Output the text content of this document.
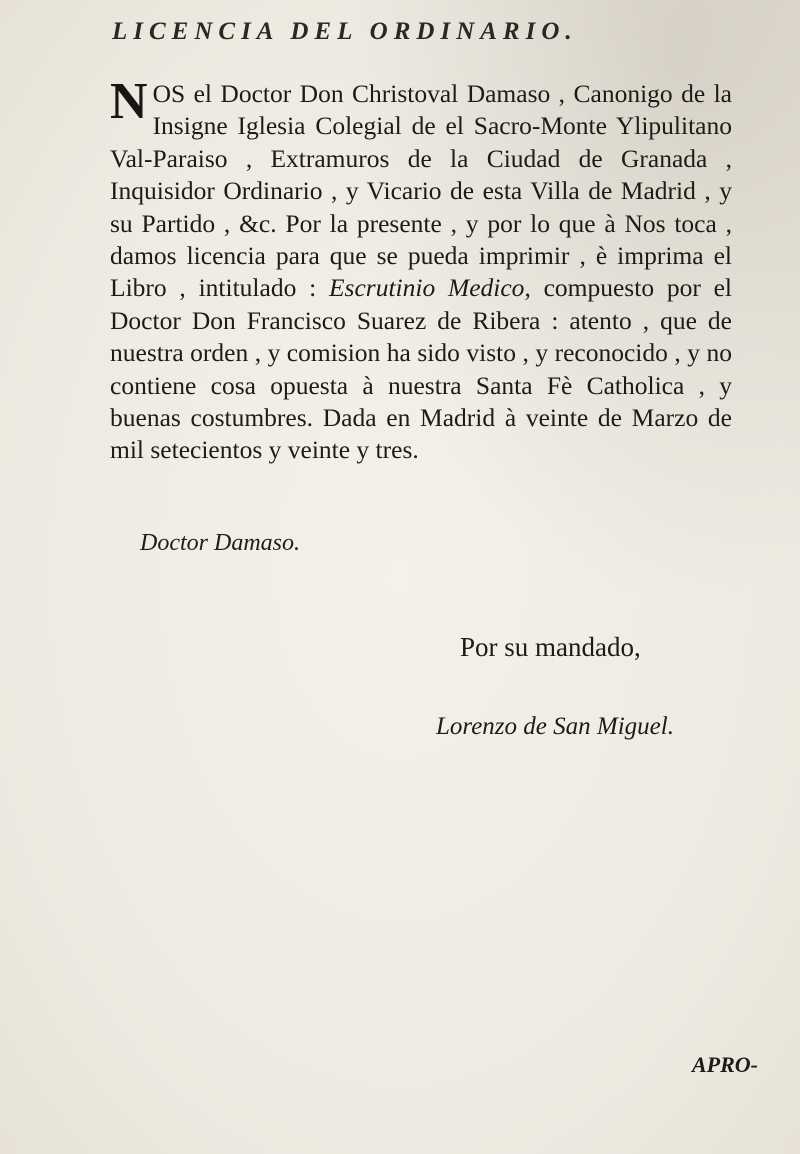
LICENCIA DEL ORDINARIO.
NOS el Doctor Don Christoval Damaso , Canonigo de la Insigne Iglesia Colegial de el Sacro-Monte Ylipulitano Val-Paraiso , Extramuros de la Ciudad de Granada , Inquisidor Ordinario , y Vicario de esta Villa de Madrid , y su Partido , &c. Por la presente , y por lo que à Nos toca , damos licencia para que se pueda imprimir , è imprima el Libro , intitulado : Escrutinio Medico, compuesto por el Doctor Don Francisco Suarez de Ribera : atento , que de nuestra orden , y comision ha sido visto , y reconocido , y no contiene cosa opuesta à nuestra Santa Fè Catholica , y buenas costumbres. Dada en Madrid à veinte de Marzo de mil setecientos y veinte y tres.
Doctor Damaso.
Por su mandado,
Lorenzo de San Miguel.
APRO-
